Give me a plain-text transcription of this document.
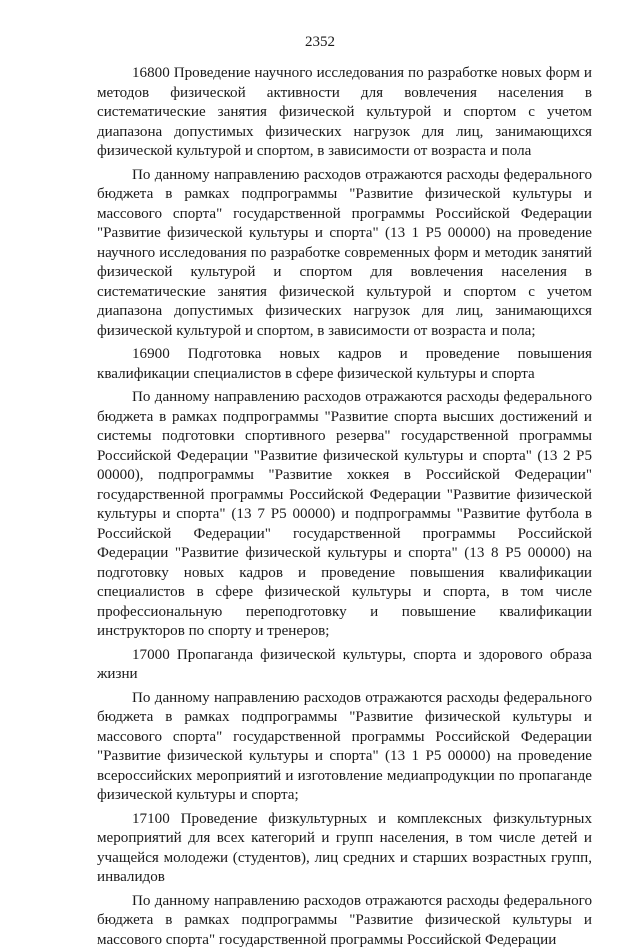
2352

16800 Проведение научного исследования по разработке новых форм и методов физической активности для вовлечения населения в систематические занятия физической культурой и спортом с учетом диапазона допустимых физических нагрузок для лиц, занимающихся физической культурой и спортом, в зависимости от возраста и пола

По данному направлению расходов отражаются расходы федерального бюджета в рамках подпрограммы "Развитие физической культуры и массового спорта" государственной программы Российской Федерации "Развитие физической культуры и спорта" (13 1 Р5 00000) на проведение научного исследования по разработке современных форм и методик занятий физической культурой и спортом для вовлечения населения в систематические занятия физической культурой и спортом с учетом диапазона допустимых физических нагрузок для лиц, занимающихся физической культурой и спортом, в зависимости от возраста и пола;

16900 Подготовка новых кадров и проведение повышения квалификации специалистов в сфере физической культуры и спорта

По данному направлению расходов отражаются расходы федерального бюджета в рамках подпрограммы "Развитие спорта высших достижений и системы подготовки спортивного резерва" государственной программы Российской Федерации "Развитие физической культуры и спорта" (13 2 Р5 00000), подпрограммы "Развитие хоккея в Российской Федерации" государственной программы Российской Федерации "Развитие физической культуры и спорта" (13 7 Р5 00000) и подпрограммы "Развитие футбола в Российской Федерации" государственной программы Российской Федерации "Развитие физической культуры и спорта" (13 8 Р5 00000) на подготовку новых кадров и проведение повышения квалификации специалистов в сфере физической культуры и спорта, в том числе профессиональную переподготовку и повышение квалификации инструкторов по спорту и тренеров;

17000 Пропаганда физической культуры, спорта и здорового образа жизни

По данному направлению расходов отражаются расходы федерального бюджета в рамках подпрограммы "Развитие физической культуры и массового спорта" государственной программы Российской Федерации "Развитие физической культуры и спорта" (13 1 Р5 00000) на проведение всероссийских мероприятий и изготовление медиапродукции по пропаганде физической культуры и спорта;

17100 Проведение физкультурных и комплексных физкультурных мероприятий для всех категорий и групп населения, в том числе детей и учащейся молодежи (студентов), лиц средних и старших возрастных групп, инвалидов

По данному направлению расходов отражаются расходы федерального бюджета в рамках подпрограммы "Развитие физической культуры и массового спорта" государственной программы Российской Федерации
